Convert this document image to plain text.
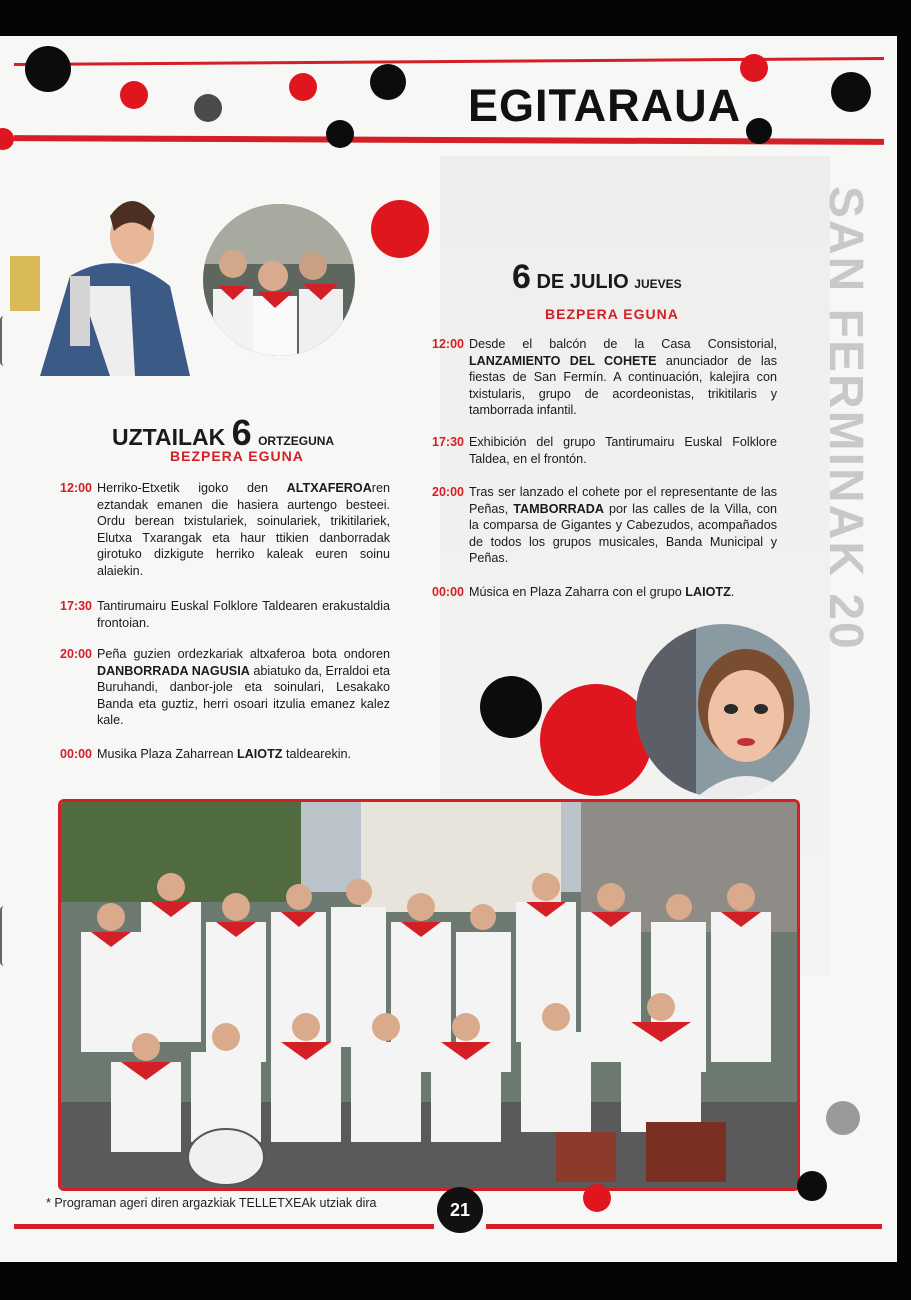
SAN FERMINAK 20
EGITARAUA
UZTAILAK 6 ORTZEGUNA
BEZPERA EGUNA
12:00 Herriko-Etxetik igoko den ALTXAFEROAren eztandak emanen die hasiera aurtengo besteei. Ordu berean txistulariek, soinulariek, trikitilariek, Elutxa Txarangak eta haur ttikien danborradak girotuko dizkigute herriko kaleak euren soinu alaiekin.
17:30 Tantirumairu Euskal Folklore Taldearen erakustaldia frontoian.
20:00 Peña guzien ordezkariak altxaferoa bota ondoren DANBORRADA NAGUSIA abiatuko da, Erraldoi eta Buruhandi, danbor-jole eta soinulari, Lesakako Banda eta guztiz, herri osoari itzulia emanez kalez kale.
00:00 Musika Plaza Zaharrean LAIOTZ taldearekin.
6 DE JULIO JUEVES
BEZPERA EGUNA
12:00 Desde el balcón de la Casa Consistorial, LANZAMIENTO DEL COHETE anunciador de las fiestas de San Fermín. A continuación, kalejira con txistularis, grupo de acordeonistas, trikitilaris y tamborrada infantil.
17:30 Exhibición del grupo Tantirumairu Euskal Folklore Taldea, en el frontón.
20:00 Tras ser lanzado el cohete por el representante de las Peñas, TAMBORRADA por las calles de la Villa, con la comparsa de Gigantes y Cabezudos, acompañados de todos los grupos musicales, Banda Municipal y Peñas.
00:00 Música en Plaza Zaharra con el grupo LAIOTZ.
* Programan ageri diren argazkiak TELLETXEAk utziak dira	21
